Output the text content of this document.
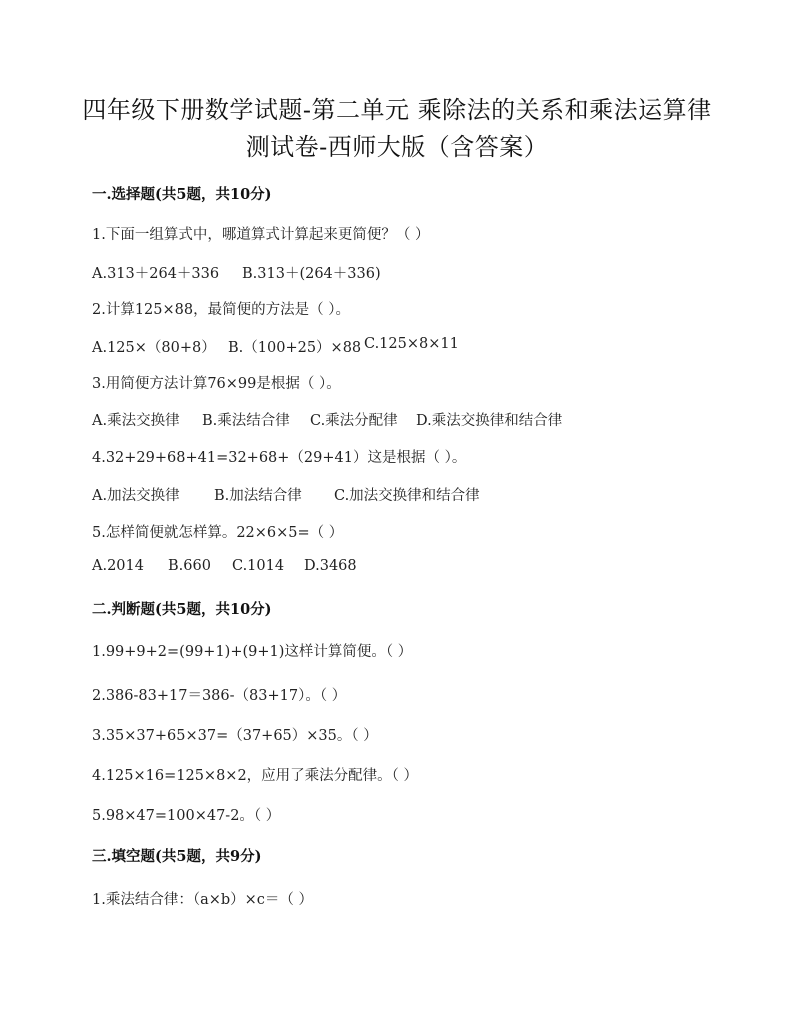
四年级下册数学试题-第二单元 乘除法的关系和乘法运算律
测试卷-西师大版（含答案）
一.选择题(共5题，共10分)
1.下面一组算式中，哪道算式计算起来更简便？（ ）
A.313＋264＋336 B.313＋(264＋336)
2.计算125×88，最简便的方法是（ ）。
A.125×（80+8） B.（100+25）×88 C.125×8×11
3.用简便方法计算76×99是根据（ ）。
A.乘法交换律 B.乘法结合律 C.乘法分配律 D.乘法交换律和结合律
4.32+29+68+41=32+68+（29+41）这是根据（ ）。
A.加法交换律 B.加法结合律 C.加法交换律和结合律
5.怎样简便就怎样算。22×6×5=（ ）
A.2014 B.660 C.1014 D.3468
二.判断题(共5题，共10分)
1.99+9+2=(99+1)+(9+1)这样计算简便。（ ）
2.386-83+17＝386-（83+17）。（ ）
3.35×37+65×37=（37+65）×35。（ ）
4.125×16=125×8×2，应用了乘法分配律。（ ）
5.98×47=100×47-2。（ ）
三.填空题(共5题，共9分)
1.乘法结合律：（a×b）×c＝（ ）
